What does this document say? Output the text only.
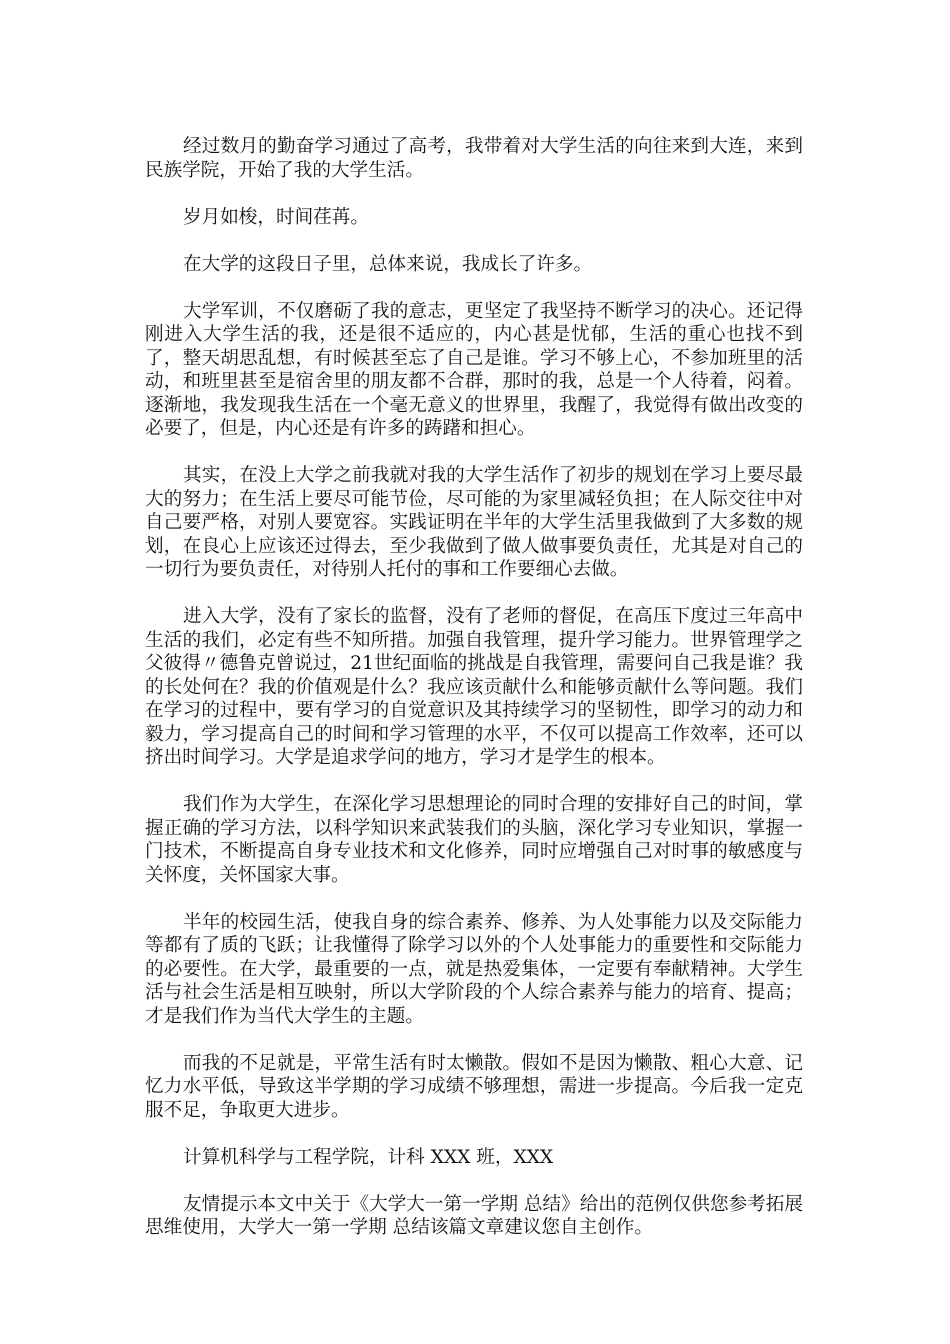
经过数月的勤奋学习通过了高考，我带着对大学生活的向往来到大连，来到民族学院，开始了我的大学生活。

岁月如梭，时间荏苒。

在大学的这段日子里，总体来说，我成长了许多。

大学军训，不仅磨砺了我的意志，更坚定了我坚持不断学习的决心。还记得刚进入大学生活的我，还是很不适应的，内心甚是忧郁，生活的重心也找不到了，整天胡思乱想，有时候甚至忘了自己是谁。学习不够上心，不参加班里的活动，和班里甚至是宿舍里的朋友都不合群，那时的我，总是一个人待着，闷着。逐渐地，我发现我生活在一个毫无意义的世界里，我醒了，我觉得有做出改变的必要了，但是，内心还是有许多的踌躇和担心。

其实，在没上大学之前我就对我的大学生活作了初步的规划在学习上要尽最大的努力；在生活上要尽可能节俭，尽可能的为家里减轻负担；在人际交往中对自己要严格，对别人要宽容。实践证明在半年的大学生活里我做到了大多数的规划，在良心上应该还过得去，至少我做到了做人做事要负责任，尤其是对自己的一切行为要负责任，对待别人托付的事和工作要细心去做。

进入大学，没有了家长的监督，没有了老师的督促，在高压下度过三年高中生活的我们，必定有些不知所措。加强自我管理，提升学习能力。世界管理学之父彼得〃德鲁克曾说过，21世纪面临的挑战是自我管理，需要问自己我是谁？我的长处何在？我的价值观是什么？我应该贡献什么和能够贡献什么等问题。我们在学习的过程中，要有学习的自觉意识及其持续学习的坚韧性，即学习的动力和毅力，学习提高自己的时间和学习管理的水平，不仅可以提高工作效率，还可以挤出时间学习。大学是追求学问的地方，学习才是学生的根本。

我们作为大学生，在深化学习思想理论的同时合理的安排好自己的时间，掌握正确的学习方法，以科学知识来武装我们的头脑，深化学习专业知识，掌握一门技术，不断提高自身专业技术和文化修养，同时应增强自己对时事的敏感度与关怀度，关怀国家大事。

半年的校园生活，使我自身的综合素养、修养、为人处事能力以及交际能力等都有了质的飞跃；让我懂得了除学习以外的个人处事能力的重要性和交际能力的必要性。在大学，最重要的一点，就是热爱集体，一定要有奉献精神。大学生活与社会生活是相互映射，所以大学阶段的个人综合素养与能力的培育、提高；才是我们作为当代大学生的主题。

而我的不足就是，平常生活有时太懒散。假如不是因为懒散、粗心大意、记忆力水平低，导致这半学期的学习成绩不够理想，需进一步提高。今后我一定克服不足，争取更大进步。

计算机科学与工程学院，计科 XXX 班，XXX

友情提示本文中关于《大学大一第一学期 总结》给出的范例仅供您参考拓展思维使用，大学大一第一学期 总结该篇文章建议您自主创作。
